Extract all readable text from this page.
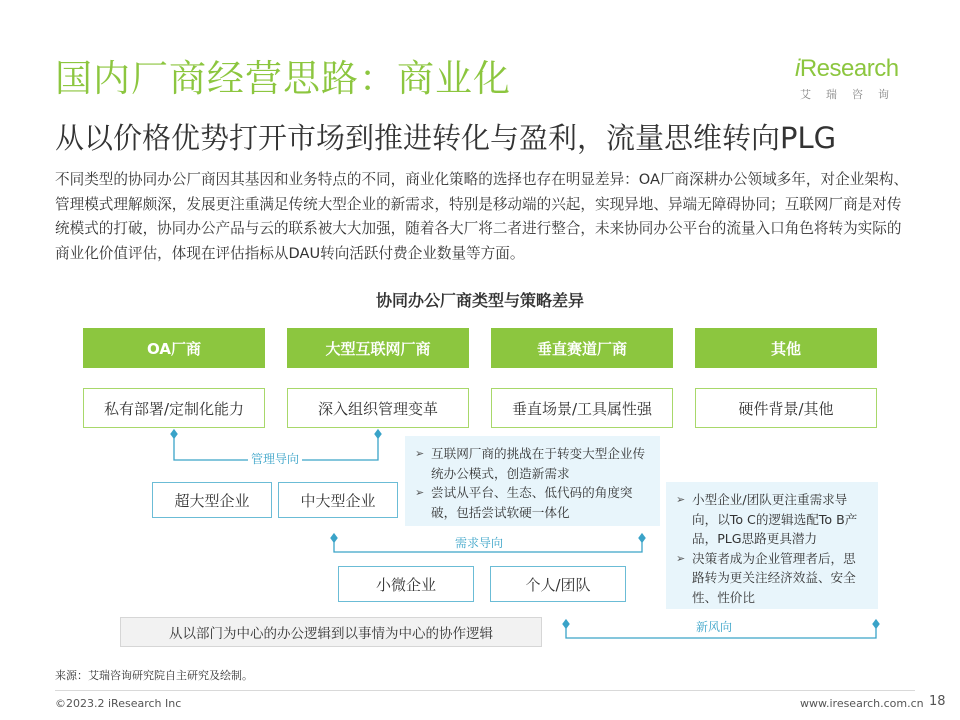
国内厂商经营思路：商业化
从以价格优势打开市场到推进转化与盈利，流量思维转向PLG
iResearch
艾瑞咨询

不同类型的协同办公厂商因其基因和业务特点的不同，商业化策略的选择也存在明显差异：OA厂商深耕办公领域多年，对企业架构、管理模式理解颇深，发展更注重满足传统大型企业的新需求，特别是移动端的兴起，实现异地、异端无障碍协同；互联网厂商是对传统模式的打破，协同办公产品与云的联系被大大加强，随着各大厂将二者进行整合，未来协同办公平台的流量入口角色将转为实际的商业化价值评估，体现在评估指标从DAU转向活跃付费企业数量等方面。

协同办公厂商类型与策略差异
OA厂商	大型互联网厂商	垂直赛道厂商	其他
私有部署/定制化能力	深入组织管理变革	垂直场景/工具属性强	硬件背景/其他
管理导向
需求导向
新风向
超大型企业	中大型企业
小微企业	个人/团队
➢ 互联网厂商的挑战在于转变大型企业传统办公模式，创造新需求
➢ 尝试从平台、生态、低代码的角度突破，包括尝试软硬一体化
➢ 小型企业/团队更注重需求导向，以To C的逻辑选配To B产品，PLG思路更具潜力
➢ 决策者成为企业管理者后，思路转为更关注经济效益、安全性、性价比
从以部门为中心的办公逻辑到以事情为中心的协作逻辑
来源：艾瑞咨询研究院自主研究及绘制。
©2023.2 iResearch Inc	www.iresearch.com.cn 18
